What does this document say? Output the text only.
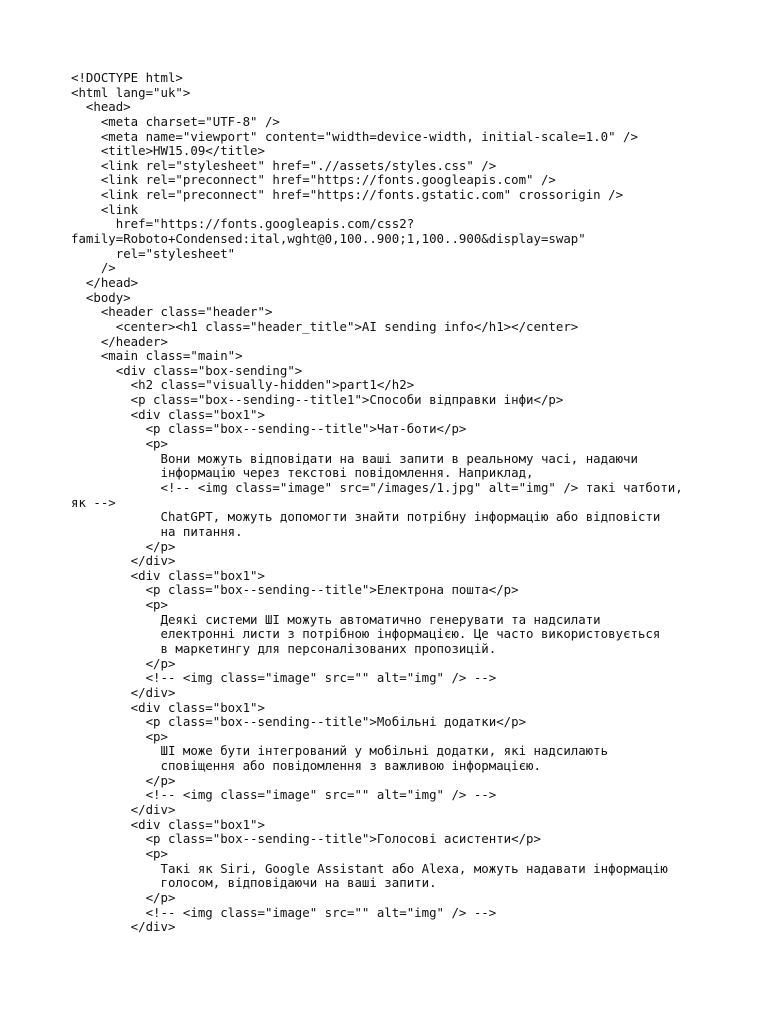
<!DOCTYPE html>
<html lang="uk">
<head>
<meta charset="UTF-8" />
<meta name="viewport" content="width=device-width, initial-scale=1.0" />
<title>HW15.09</title>
<link rel="stylesheet" href=".//assets/styles.css" />
<link rel="preconnect" href="https://fonts.googleapis.com" />
<link rel="preconnect" href="https://fonts.gstatic.com" crossorigin />
<link
href="https://fonts.googleapis.com/css2?
family=Roboto+Condensed:ital,wght@0,100..900;1,100..900&display=swap"
rel="stylesheet"
/>
</head>
<body>
<header class="header">
<center><h1 class="header_title">AI sending info</h1></center>
</header>
<main class="main">
<div class="box-sending">
<h2 class="visually-hidden">part1</h2>
<p class="box--sending--title1">Способи відправки інфи</p>
<div class="box1">
<p class="box--sending--title">Чат-боти</p>
<p>
Вони можуть відповідати на ваші запити в реальному часі, надаючи
інформацію через текстові повідомлення. Наприклад,
<!-- <img class="image" src="/images/1.jpg" alt="img" /> такі чатботи,
як -->
ChatGPT, можуть допомогти знайти потрібну інформацію або відповісти
на питання.
</p>
</div>
<div class="box1">
<p class="box--sending--title">Електрона пошта</p>
<p>
Деякі системи ШІ можуть автоматично генерувати та надсилати
електронні листи з потрібною інформацією. Це часто використовується
в маркетингу для персоналізованих пропозицій.
</p>
<!-- <img class="image" src="" alt="img" /> -->
</div>
<div class="box1">
<p class="box--sending--title">Мобільні додатки</p>
<p>
ШІ може бути інтегрований у мобільні додатки, які надсилають
сповіщення або повідомлення з важливою інформацією.
</p>
<!-- <img class="image" src="" alt="img" /> -->
</div>
<div class="box1">
<p class="box--sending--title">Голосові асистенти</p>
<p>
Такі як Siri, Google Assistant або Alexa, можуть надавати інформацію
голосом, відповідаючи на ваші запити.
</p>
<!-- <img class="image" src="" alt="img" /> -->
</div>
